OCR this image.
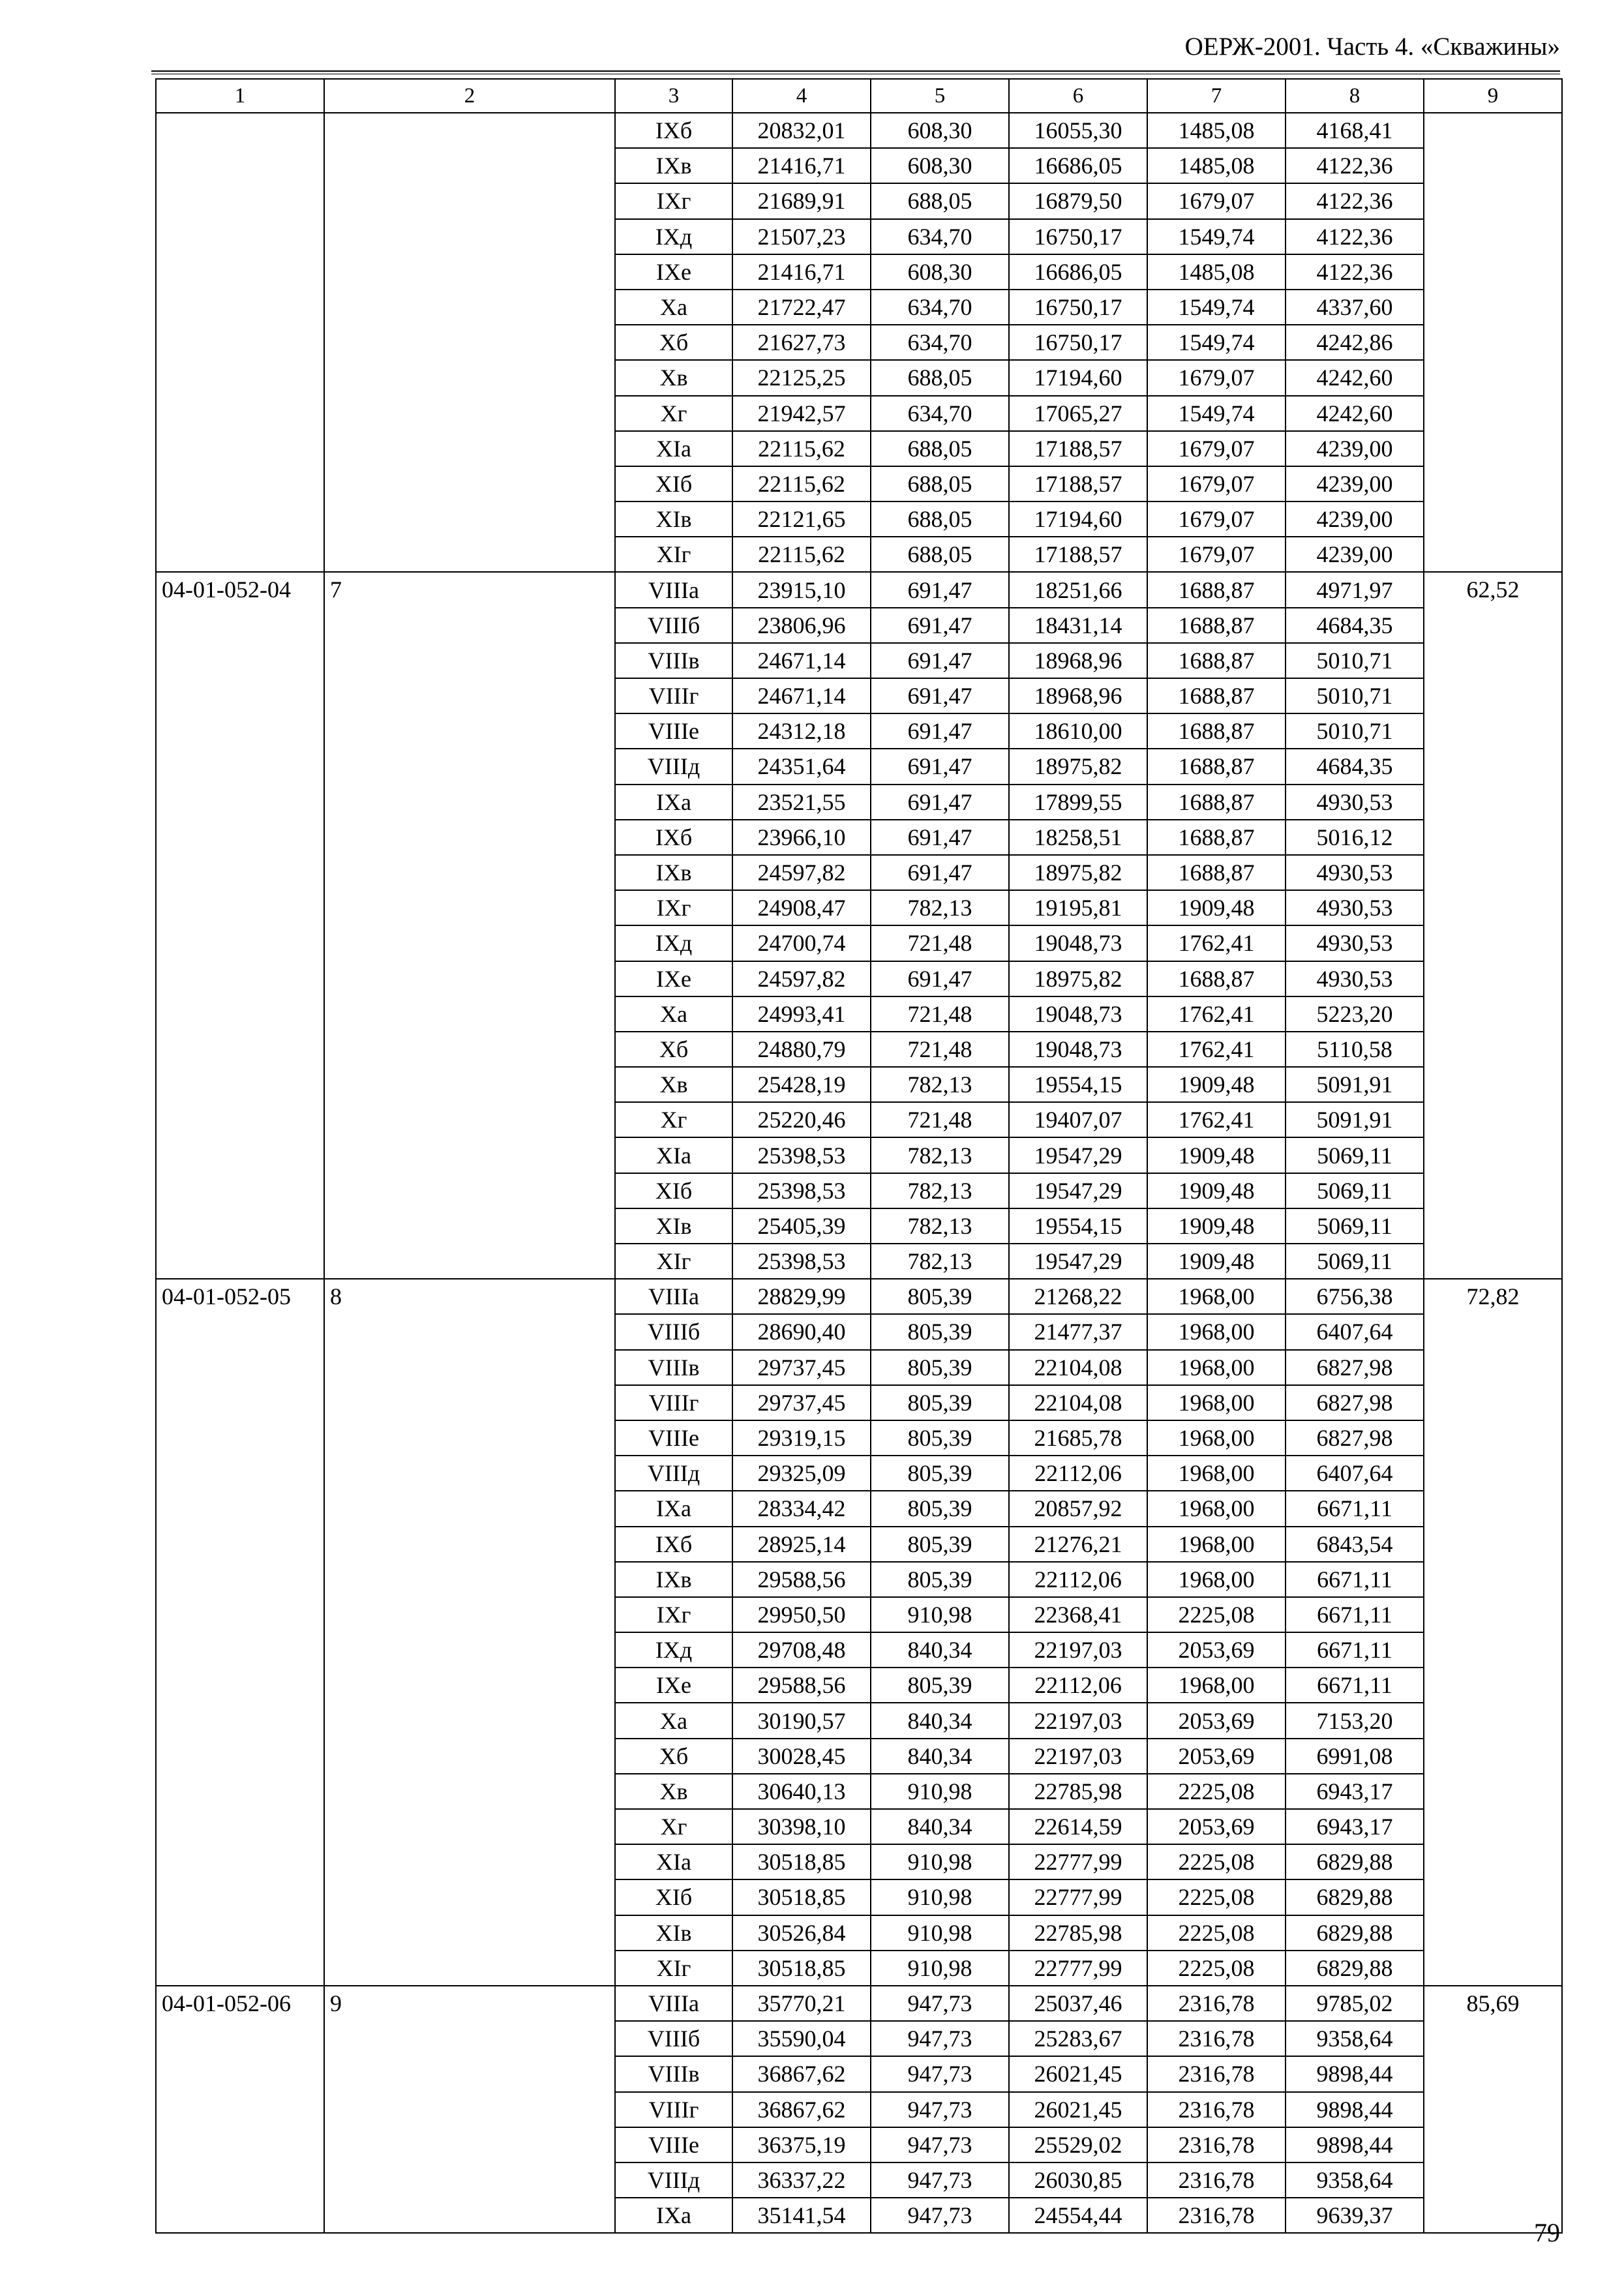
ОЕРЖ-2001. Часть 4. «Скважины»
1	2	3	4	5	6	7	8	9
		IXб	20832,01	608,30	16055,30	1485,08	4168,41	
		IXв	21416,71	608,30	16686,05	1485,08	4122,36	
		IXг	21689,91	688,05	16879,50	1679,07	4122,36	
		IXд	21507,23	634,70	16750,17	1549,74	4122,36	
		IXе	21416,71	608,30	16686,05	1485,08	4122,36	
		Xа	21722,47	634,70	16750,17	1549,74	4337,60	
		Xб	21627,73	634,70	16750,17	1549,74	4242,86	
		Xв	22125,25	688,05	17194,60	1679,07	4242,60	
		Xг	21942,57	634,70	17065,27	1549,74	4242,60	
		XIа	22115,62	688,05	17188,57	1679,07	4239,00	
		XIб	22115,62	688,05	17188,57	1679,07	4239,00	
		XIв	22121,65	688,05	17194,60	1679,07	4239,00	
		XIг	22115,62	688,05	17188,57	1679,07	4239,00	
04-01-052-04	7	VIIIа	23915,10	691,47	18251,66	1688,87	4971,97	62,52
		VIIIб	23806,96	691,47	18431,14	1688,87	4684,35	
		VIIIв	24671,14	691,47	18968,96	1688,87	5010,71	
		VIIIг	24671,14	691,47	18968,96	1688,87	5010,71	
		VIIIе	24312,18	691,47	18610,00	1688,87	5010,71	
		VIIIд	24351,64	691,47	18975,82	1688,87	4684,35	
		IXа	23521,55	691,47	17899,55	1688,87	4930,53	
		IXб	23966,10	691,47	18258,51	1688,87	5016,12	
		IXв	24597,82	691,47	18975,82	1688,87	4930,53	
		IXг	24908,47	782,13	19195,81	1909,48	4930,53	
		IXд	24700,74	721,48	19048,73	1762,41	4930,53	
		IXе	24597,82	691,47	18975,82	1688,87	4930,53	
		Xа	24993,41	721,48	19048,73	1762,41	5223,20	
		Xб	24880,79	721,48	19048,73	1762,41	5110,58	
		Xв	25428,19	782,13	19554,15	1909,48	5091,91	
		Xг	25220,46	721,48	19407,07	1762,41	5091,91	
		XIа	25398,53	782,13	19547,29	1909,48	5069,11	
		XIб	25398,53	782,13	19547,29	1909,48	5069,11	
		XIв	25405,39	782,13	19554,15	1909,48	5069,11	
		XIг	25398,53	782,13	19547,29	1909,48	5069,11	
04-01-052-05	8	VIIIа	28829,99	805,39	21268,22	1968,00	6756,38	72,82
		VIIIб	28690,40	805,39	21477,37	1968,00	6407,64	
		VIIIв	29737,45	805,39	22104,08	1968,00	6827,98	
		VIIIг	29737,45	805,39	22104,08	1968,00	6827,98	
		VIIIе	29319,15	805,39	21685,78	1968,00	6827,98	
		VIIIд	29325,09	805,39	22112,06	1968,00	6407,64	
		IXа	28334,42	805,39	20857,92	1968,00	6671,11	
		IXб	28925,14	805,39	21276,21	1968,00	6843,54	
		IXв	29588,56	805,39	22112,06	1968,00	6671,11	
		IXг	29950,50	910,98	22368,41	2225,08	6671,11	
		IXд	29708,48	840,34	22197,03	2053,69	6671,11	
		IXе	29588,56	805,39	22112,06	1968,00	6671,11	
		Xа	30190,57	840,34	22197,03	2053,69	7153,20	
		Xб	30028,45	840,34	22197,03	2053,69	6991,08	
		Xв	30640,13	910,98	22785,98	2225,08	6943,17	
		Xг	30398,10	840,34	22614,59	2053,69	6943,17	
		XIа	30518,85	910,98	22777,99	2225,08	6829,88	
		XIб	30518,85	910,98	22777,99	2225,08	6829,88	
		XIв	30526,84	910,98	22785,98	2225,08	6829,88	
		XIг	30518,85	910,98	22777,99	2225,08	6829,88	
04-01-052-06	9	VIIIа	35770,21	947,73	25037,46	2316,78	9785,02	85,69
		VIIIб	35590,04	947,73	25283,67	2316,78	9358,64	
		VIIIв	36867,62	947,73	26021,45	2316,78	9898,44	
		VIIIг	36867,62	947,73	26021,45	2316,78	9898,44	
		VIIIе	36375,19	947,73	25529,02	2316,78	9898,44	
		VIIIд	36337,22	947,73	26030,85	2316,78	9358,64	
		IXа	35141,54	947,73	24554,44	2316,78	9639,37	
79
